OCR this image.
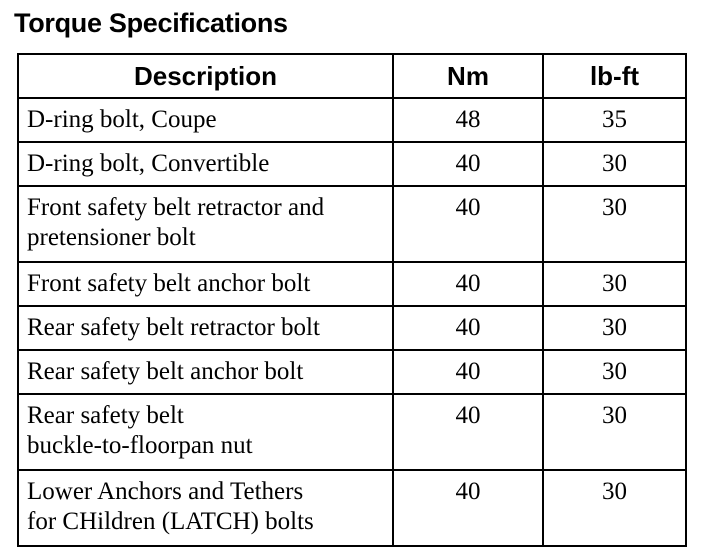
Torque Specifications
Description	Nm	lb-ft
D-ring bolt, Coupe	48	35
D-ring bolt, Convertible	40	30
Front safety belt retractor and
pretensioner bolt	40	30
Front safety belt anchor bolt	40	30
Rear safety belt retractor bolt	40	30
Rear safety belt anchor bolt	40	30
Rear safety belt
buckle-to-floorpan nut	40	30
Lower Anchors and Tethers
for CHildren (LATCH) bolts	40	30
